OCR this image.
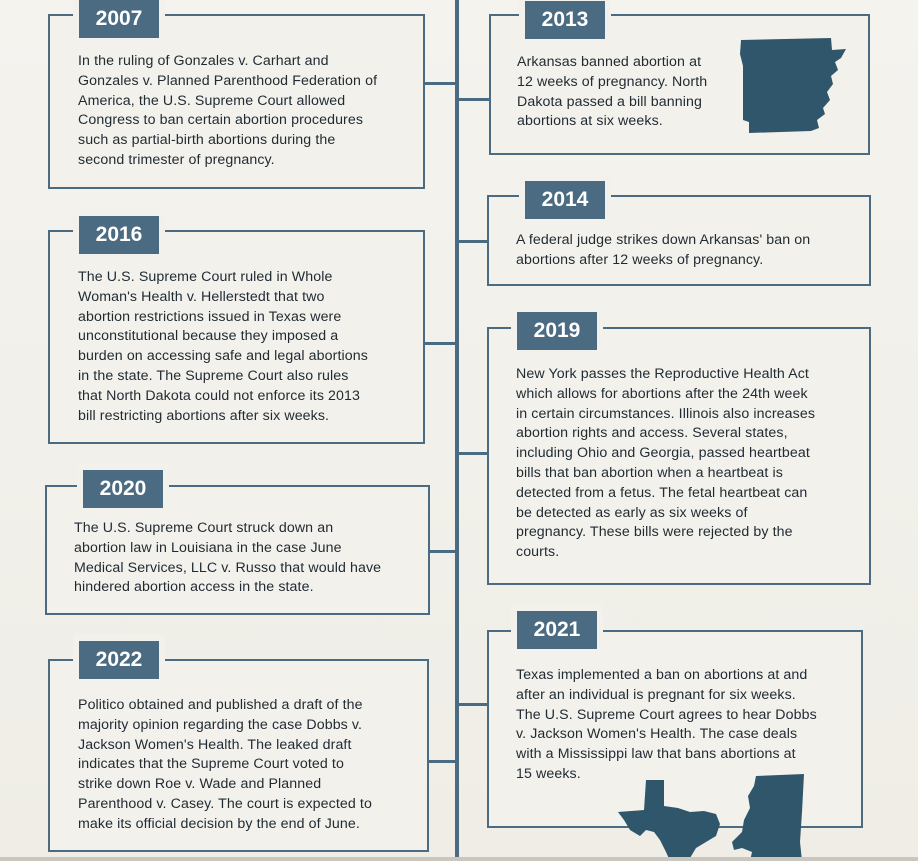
2007
In the ruling of Gonzales v. Carhart and
Gonzales v. Planned Parenthood Federation of
America, the U.S. Supreme Court allowed
Congress to ban certain abortion procedures
such as partial-birth abortions during the
second trimester of pregnancy.
2013
Arkansas banned abortion at
12 weeks of pregnancy. North
Dakota passed a bill banning
abortions at six weeks.
2014
A federal judge strikes down Arkansas' ban on
abortions after 12 weeks of pregnancy.
2016
The U.S. Supreme Court ruled in Whole
Woman's Health v. Hellerstedt that two
abortion restrictions issued in Texas were
unconstitutional because they imposed a
burden on accessing safe and legal abortions
in the state. The Supreme Court also rules
that North Dakota could not enforce its 2013
bill restricting abortions after six weeks.
2019
New York passes the Reproductive Health Act
which allows for abortions after the 24th week
in certain circumstances. Illinois also increases
abortion rights and access. Several states,
including Ohio and Georgia, passed heartbeat
bills that ban abortion when a heartbeat is
detected from a fetus. The fetal heartbeat can
be detected as early as six weeks of
pregnancy. These bills were rejected by the
courts.
2020
The U.S. Supreme Court struck down an
abortion law in Louisiana in the case June
Medical Services, LLC v. Russo that would have
hindered abortion access in the state.
2021
Texas implemented a ban on abortions at and
after an individual is pregnant for six weeks.
The U.S. Supreme Court agrees to hear Dobbs
v. Jackson Women's Health. The case deals
with a Mississippi law that bans abortions at
15 weeks.
2022
Politico obtained and published a draft of the
majority opinion regarding the case Dobbs v.
Jackson Women's Health. The leaked draft
indicates that the Supreme Court voted to
strike down Roe v. Wade and Planned
Parenthood v. Casey. The court is expected to
make its official decision by the end of June.
